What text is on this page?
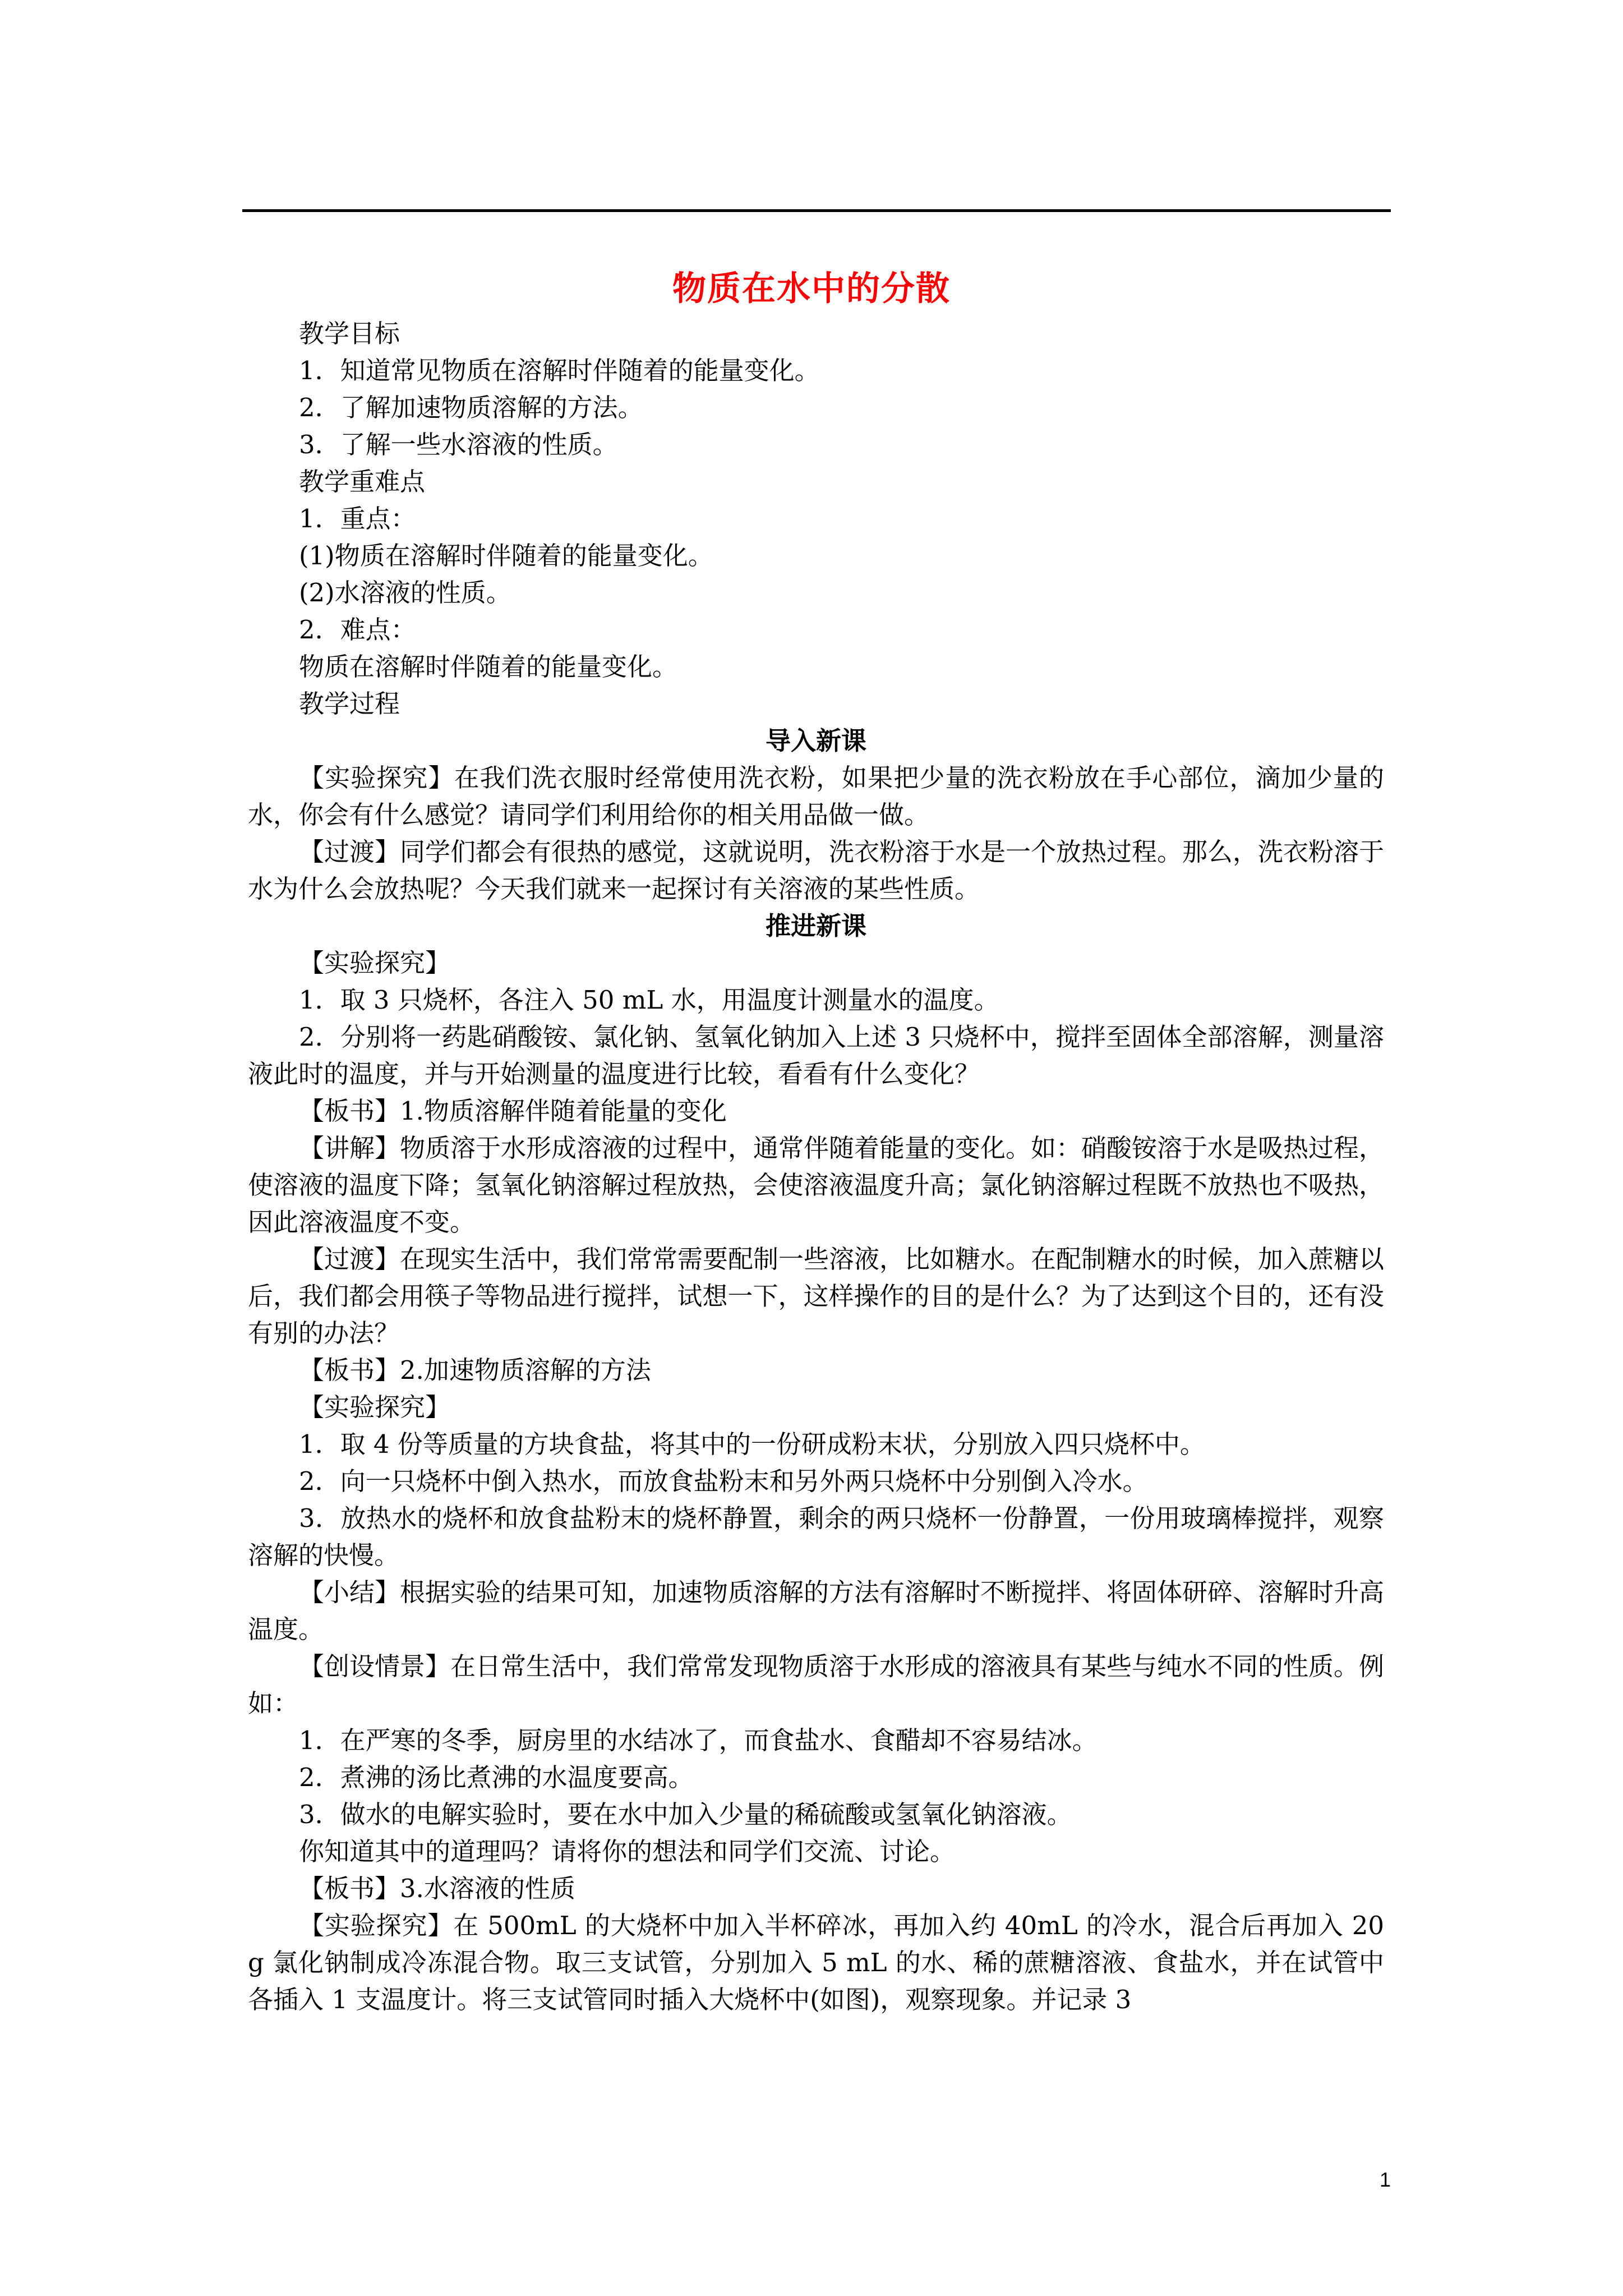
物质在水中的分散

教学目标

1．知道常见物质在溶解时伴随着的能量变化。

2．了解加速物质溶解的方法。

3．了解一些水溶液的性质。

教学重难点

1．重点：

(1)物质在溶解时伴随着的能量变化。

(2)水溶液的性质。

2．难点：

物质在溶解时伴随着的能量变化。

教学过程

导入新课

【实验探究】在我们洗衣服时经常使用洗衣粉，如果把少量的洗衣粉放在手心部位，滴加少量的水，你会有什么感觉？请同学们利用给你的相关用品做一做。

【过渡】同学们都会有很热的感觉，这就说明，洗衣粉溶于水是一个放热过程。那么，洗衣粉溶于水为什么会放热呢？今天我们就来一起探讨有关溶液的某些性质。

推进新课

【实验探究】

1．取 3 只烧杯，各注入 50 mL 水，用温度计测量水的温度。

2．分别将一药匙硝酸铵、氯化钠、氢氧化钠加入上述 3 只烧杯中，搅拌至固体全部溶解，测量溶液此时的温度，并与开始测量的温度进行比较，看看有什么变化？

【板书】1.物质溶解伴随着能量的变化

【讲解】物质溶于水形成溶液的过程中，通常伴随着能量的变化。如：硝酸铵溶于水是吸热过程，使溶液的温度下降；氢氧化钠溶解过程放热，会使溶液温度升高；氯化钠溶解过程既不放热也不吸热，因此溶液温度不变。

【过渡】在现实生活中，我们常常需要配制一些溶液，比如糖水。在配制糖水的时候，加入蔗糖以后，我们都会用筷子等物品进行搅拌，试想一下，这样操作的目的是什么？为了达到这个目的，还有没有别的办法？

【板书】2.加速物质溶解的方法

【实验探究】

1．取 4 份等质量的方块食盐，将其中的一份研成粉末状，分别放入四只烧杯中。

2．向一只烧杯中倒入热水，而放食盐粉末和另外两只烧杯中分别倒入冷水。

3．放热水的烧杯和放食盐粉末的烧杯静置，剩余的两只烧杯一份静置，一份用玻璃棒搅拌，观察溶解的快慢。

【小结】根据实验的结果可知，加速物质溶解的方法有溶解时不断搅拌、将固体研碎、溶解时升高温度。

【创设情景】在日常生活中，我们常常发现物质溶于水形成的溶液具有某些与纯水不同的性质。例如：

1．在严寒的冬季，厨房里的水结冰了，而食盐水、食醋却不容易结冰。

2．煮沸的汤比煮沸的水温度要高。

3．做水的电解实验时，要在水中加入少量的稀硫酸或氢氧化钠溶液。

你知道其中的道理吗？请将你的想法和同学们交流、讨论。

【板书】3.水溶液的性质

【实验探究】在 500mL 的大烧杯中加入半杯碎冰，再加入约 40mL 的冷水，混合后再加入 20 g 氯化钠制成冷冻混合物。取三支试管，分别加入 5 mL 的水、稀的蔗糖溶液、食盐水，并在试管中各插入 1 支温度计。将三支试管同时插入大烧杯中(如图)，观察现象。并记录 3

1
